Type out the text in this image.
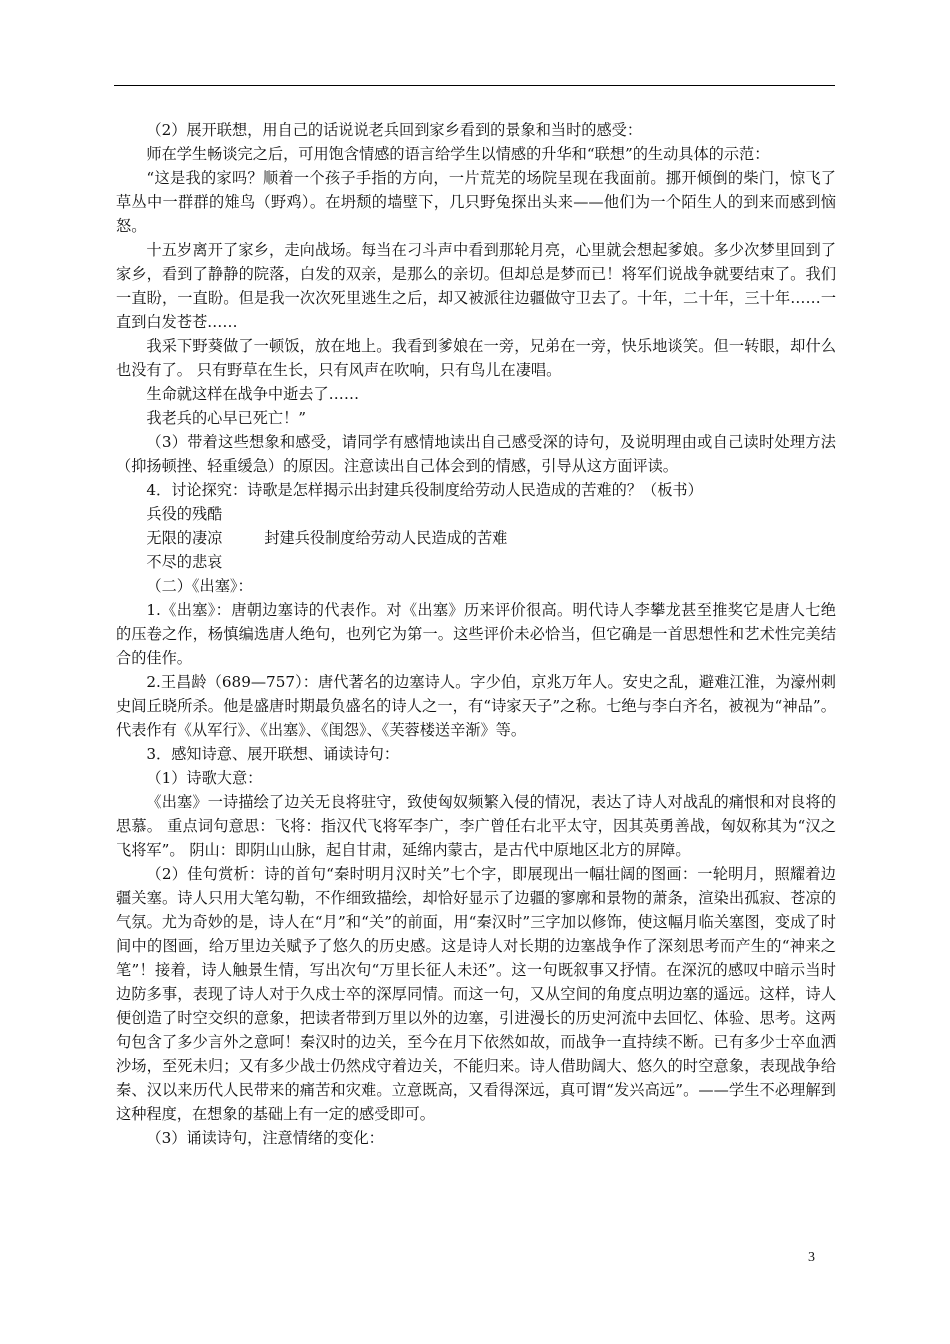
（2）展开联想，用自己的话说说老兵回到家乡看到的景象和当时的感受：

师在学生畅谈完之后，可用饱含情感的语言给学生以情感的升华和“联想”的生动具体的示范：

“这是我的家吗？顺着一个孩子手指的方向，一片荒芜的场院呈现在我面前。挪开倾倒的柴门，惊飞了草丛中一群群的雉鸟（野鸡）。在坍颓的墙壁下，几只野兔探出头来——他们为一个陌生人的到来而感到恼怒。

十五岁离开了家乡，走向战场。每当在刁斗声中看到那轮月亮，心里就会想起爹娘。多少次梦里回到了家乡，看到了静静的院落，白发的双亲，是那么的亲切。但却总是梦而已！将军们说战争就要结束了。我们一直盼，一直盼。但是我一次次死里逃生之后，却又被派往边疆做守卫去了。十年，二十年，三十年……一直到白发苍苍……

我采下野葵做了一顿饭，放在地上。我看到爹娘在一旁，兄弟在一旁，快乐地谈笑。但一转眼，却什么也没有了。 只有野草在生长，只有风声在吹响，只有鸟儿在凄唱。

生命就这样在战争中逝去了……

我老兵的心早已死亡！”

（3）带着这些想象和感受，请同学有感情地读出自己感受深的诗句，及说明理由或自己读时处理方法（抑扬顿挫、轻重缓急）的原因。注意读出自己体会到的情感，引导从这方面评读。

4．讨论探究：诗歌是怎样揭示出封建兵役制度给劳动人民造成的苦难的？（板书）

兵役的残酷
无限的凄凉	封建兵役制度给劳动人民造成的苦难
不尽的悲哀

（二）《出塞》：

1.《出塞》：唐朝边塞诗的代表作。对《出塞》历来评价很高。明代诗人李攀龙甚至推奖它是唐人七绝的压卷之作，杨慎编选唐人绝句，也列它为第一。这些评价未必恰当，但它确是一首思想性和艺术性完美结合的佳作。

2.王昌龄（689—757）：唐代著名的边塞诗人。字少伯，京兆万年人。安史之乱，避难江淮，为濠州刺史闾丘晓所杀。他是盛唐时期最负盛名的诗人之一，有“诗家天子”之称。七绝与李白齐名，被视为“神品”。代表作有《从军行》、《出塞》、《闺怨》、《芙蓉楼送辛渐》等。

3．感知诗意、展开联想、诵读诗句：

（1）诗歌大意：

《出塞》一诗描绘了边关无良将驻守，致使匈奴频繁入侵的情况，表达了诗人对战乱的痛恨和对良将的思慕。 重点词句意思：飞将：指汉代飞将军李广，李广曾任右北平太守，因其英勇善战，匈奴称其为“汉之飞将军”。 阴山：即阴山山脉，起自甘肃，延绵内蒙古，是古代中原地区北方的屏障。

（2）佳句赏析：诗的首句“秦时明月汉时关”七个字，即展现出一幅壮阔的图画：一轮明月，照耀着边疆关塞。诗人只用大笔勾勒，不作细致描绘，却恰好显示了边疆的寥廓和景物的萧条，渲染出孤寂、苍凉的气氛。尤为奇妙的是，诗人在“月”和“关”的前面，用“秦汉时”三字加以修饰，使这幅月临关塞图，变成了时间中的图画，给万里边关赋予了悠久的历史感。这是诗人对长期的边塞战争作了深刻思考而产生的“神来之笔”！接着，诗人触景生情，写出次句“万里长征人未还”。这一句既叙事又抒情。在深沉的感叹中暗示当时边防多事，表现了诗人对于久戍士卒的深厚同情。而这一句，又从空间的角度点明边塞的遥远。这样，诗人便创造了时空交织的意象，把读者带到万里以外的边塞，引进漫长的历史河流中去回忆、体验、思考。这两句包含了多少言外之意呵！秦汉时的边关，至今在月下依然如故，而战争一直持续不断。已有多少士卒血洒沙场，至死未归；又有多少战士仍然戍守着边关，不能归来。诗人借助阔大、悠久的时空意象，表现战争给秦、汉以来历代人民带来的痛苦和灾难。立意既高，又看得深远，真可谓“发兴高远”。——学生不必理解到这种程度，在想象的基础上有一定的感受即可。

（3）诵读诗句，注意情绪的变化：

3
